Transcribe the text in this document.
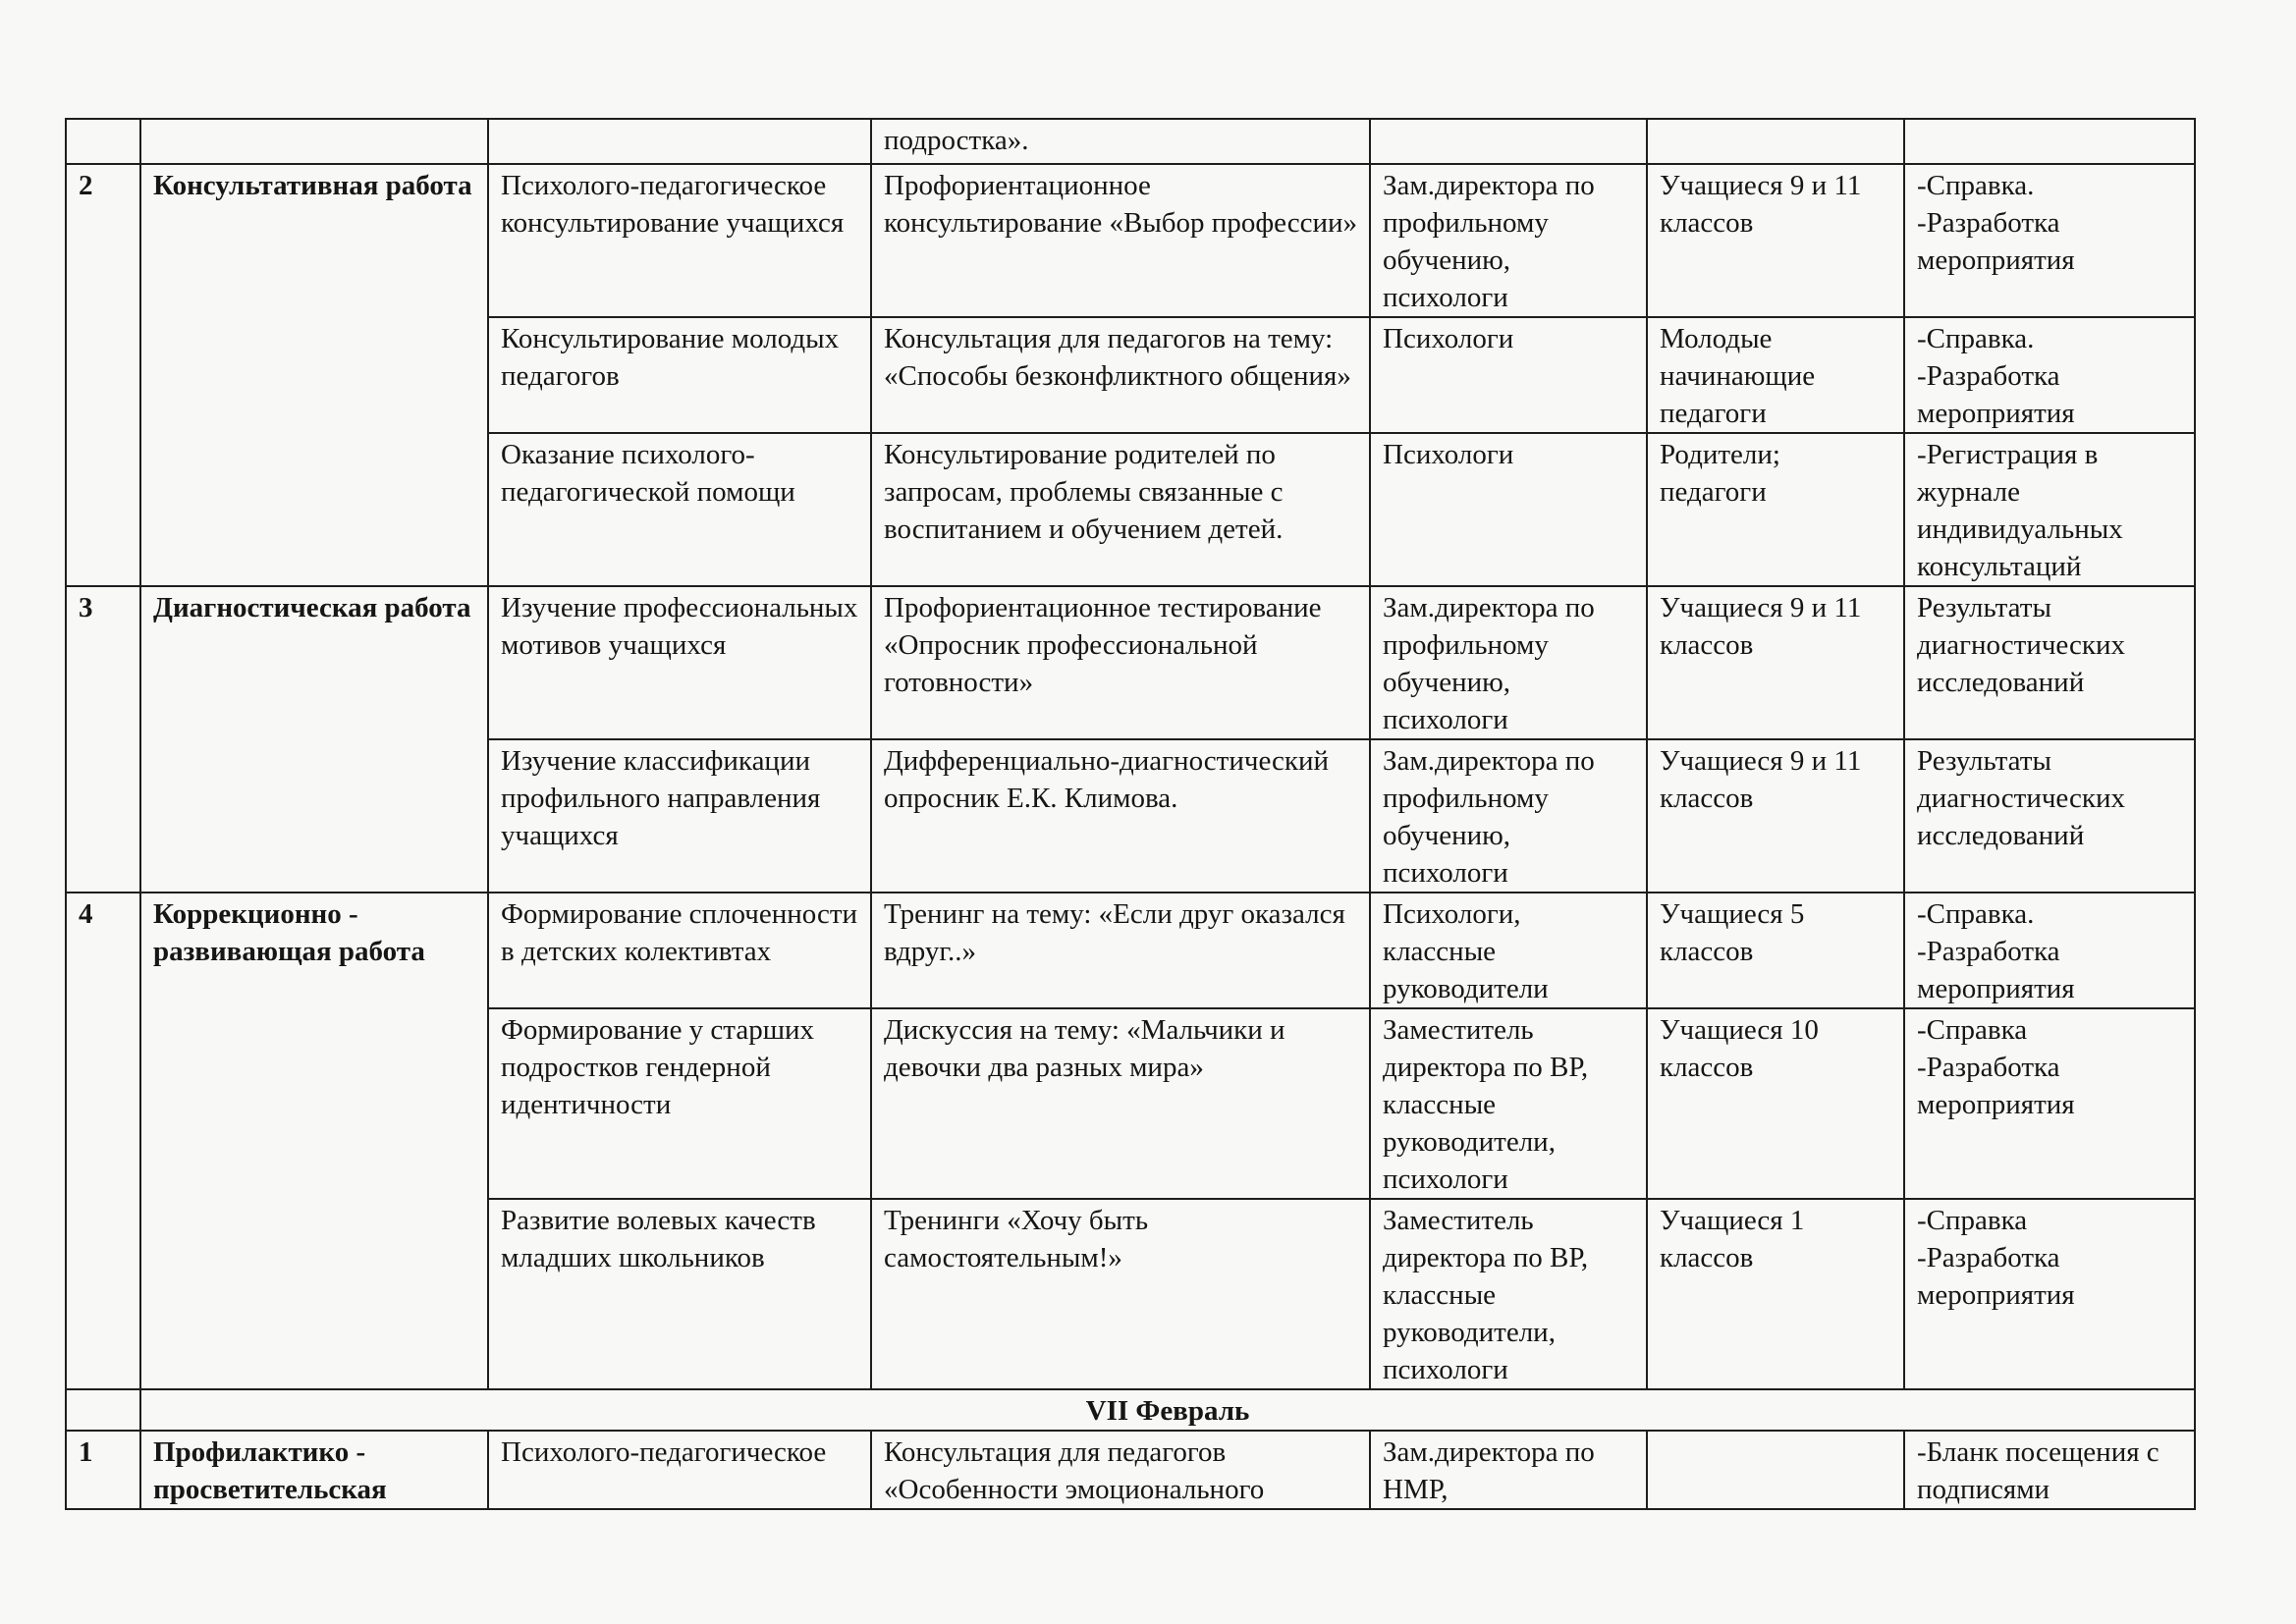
			подростка».			
2	Консультативная работа	Психолого-педагогическое консультирование учащихся	Профориентационное консультирование «Выбор профессии»	Зам.директора по профильному обучению, психологи	Учащиеся 9 и 11 классов	-Справка.
-Разработка мероприятия
		Консультирование молодых педагогов	Консультация для педагогов на тему: «Способы безконфликтного общения»	Психологи	Молодые начинающие педагоги	-Справка.
-Разработка мероприятия
		Оказание психолого-педагогической помощи	Консультирование родителей по запросам, проблемы связанные с воспитанием и обучением детей.	Психологи	Родители; педагоги	-Регистрация в журнале индивидуальных консультаций
3	Диагностическая работа	Изучение профессиональных мотивов учащихся	Профориентационное тестирование «Опросник профессиональной готовности»	Зам.директора по профильному обучению, психологи	Учащиеся 9 и 11 классов	Результаты диагностических исследований
		Изучение классификации профильного направления учащихся	Дифференциально-диагностический опросник Е.К. Климова.	Зам.директора по профильному обучению, психологи	Учащиеся 9 и 11 классов	Результаты диагностических исследований
4	Коррекционно - развивающая работа	Формирование сплоченности в детских колективтах	Тренинг на тему: «Если друг оказался вдруг..»	Психологи, классные руководители	Учащиеся 5 классов	-Справка.
-Разработка мероприятия
		Формирование у старших подростков гендерной идентичности	Дискуссия на тему: «Мальчики и девочки два разных мира»	Заместитель директора по ВР, классные руководители, психологи	Учащиеся 10 классов	-Справка
-Разработка мероприятия
		Развитие волевых качеств младших школьников	Тренинги «Хочу быть самостоятельным!»	Заместитель директора по ВР, классные руководители, психологи	Учащиеся 1 классов	-Справка
-Разработка мероприятия
	VII Февраль					
1	Профилактико - просветительская	Психолого-педагогическое	Консультация для педагогов «Особенности эмоционального	Зам.директора по НМР,		-Бланк посещения с подписями
